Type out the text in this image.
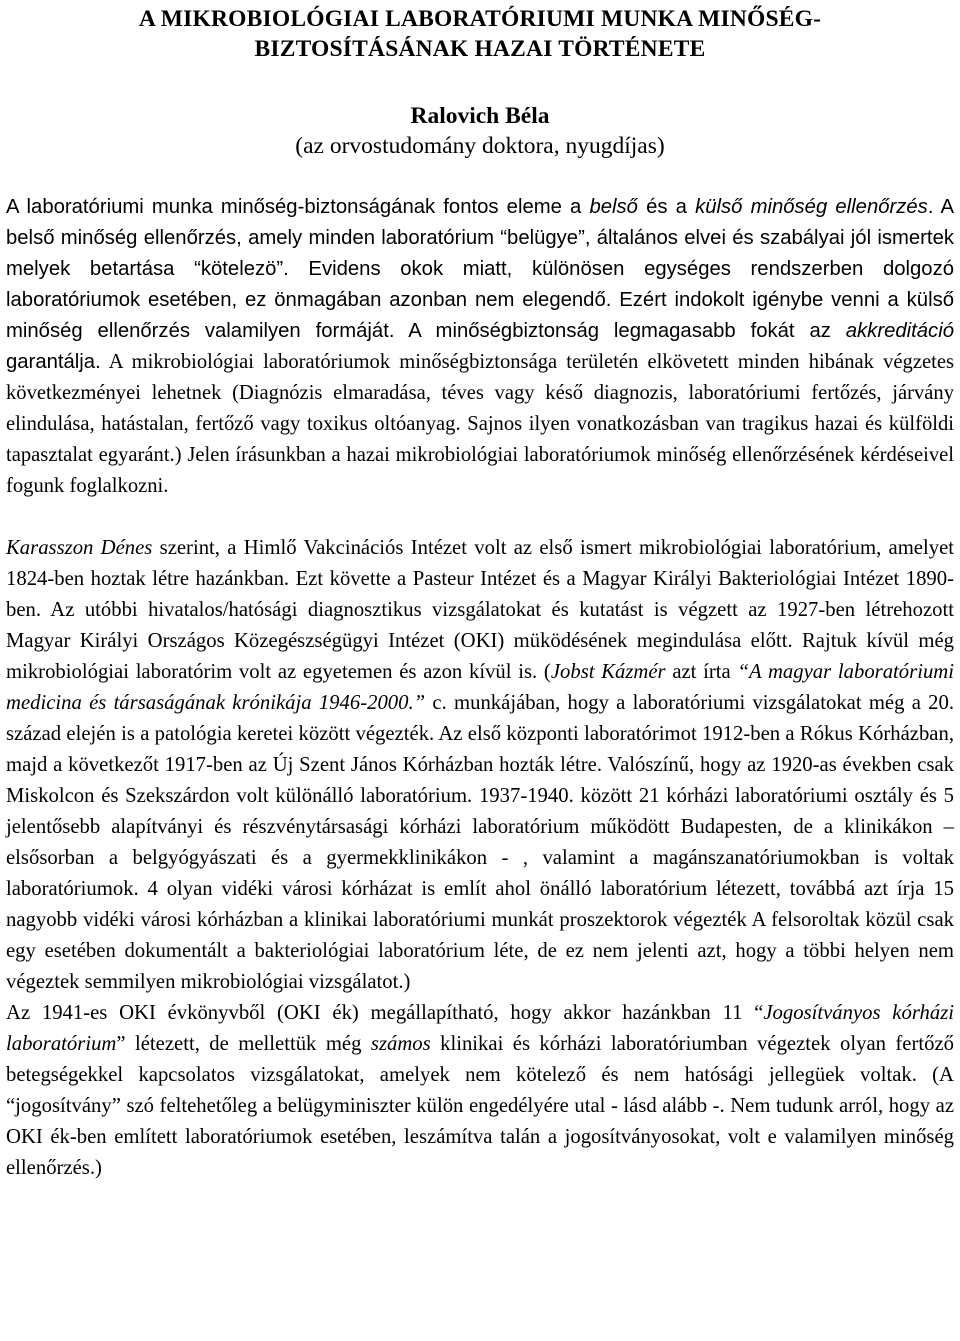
A MIKROBIOLÓGIAI LABORATÓRIUMI MUNKA MINŐSÉG-
BIZTOSÍTÁSÁNAK HAZAI TÖRTÉNETE
Ralovich Béla
(az orvostudomány doktora, nyugdíjas)

A laboratóriumi munka minőség-biztonságának fontos eleme a belső és a külső minőség ellenőrzés. A belső minőség ellenőrzés, amely minden laboratórium “belügye”, általános elvei és szabályai jól ismertek melyek betartása “kötelezö”. Evidens okok miatt, különösen egységes rendszerben dolgozó laboratóriumok esetében, ez önmagában azonban nem elegendő. Ezért indokolt igénybe venni a külső minőség ellenőrzés valamilyen formáját. A minőségbiztonság legmagasabb fokát az akkreditáció garantálja. A mikrobiológiai laboratóriumok minőségbiztonsága területén elkövetett minden hibának végzetes következményei lehetnek (Diagnózis elmaradása, téves vagy késő diagnozis, laboratóriumi fertőzés, járvány elindulása, hatástalan, fertőző vagy toxikus oltóanyag. Sajnos ilyen vonatkozásban van tragikus hazai és külföldi tapasztalat egyaránt.) Jelen írásunkban a hazai mikrobiológiai laboratóriumok minőség ellenőrzésének kérdéseivel fogunk foglalkozni.

Karasszon Dénes szerint, a Himlő Vakcinációs Intézet volt az első ismert mikrobiológiai laboratórium, amelyet 1824-ben hoztak létre hazánkban. Ezt követte a Pasteur Intézet és a Magyar Királyi Bakteriológiai Intézet 1890-ben. Az utóbbi hivatalos/hatósági diagnosztikus vizsgálatokat és kutatást is végzett az 1927-ben létrehozott Magyar Királyi Országos Közegészségügyi Intézet (OKI) müködésének megindulása előtt. Rajtuk kívül még mikrobiológiai laboratórim volt az egyetemen és azon kívül is. (Jobst Kázmér azt írta “A magyar laboratóriumi medicina és társaságának krónikája 1946-2000.” c. munkájában, hogy a laboratóriumi vizsgálatokat még a 20. század elején is a patológia keretei között végezték. Az első központi laboratórimot 1912-ben a Rókus Kórházban, majd a következőt 1917-ben az Új Szent János Kórházban hozták létre. Valószínű, hogy az 1920-as években csak Miskolcon és Szekszárdon volt különálló laboratórium. 1937-1940. között 21 kórházi laboratóriumi osztály és 5 jelentősebb alapítványi és részvénytársasági kórházi laboratórium működött Budapesten, de a klinikákon – elsősorban a belgyógyászati és a gyermekklinikákon - , valamint a magánszanatóriumokban is voltak laboratóriumok. 4 olyan vidéki városi kórházat is említ ahol önálló laboratórium létezett, továbbá azt írja 15 nagyobb vidéki városi kórházban a klinikai laboratóriumi munkát proszektorok végezték A felsoroltak közül csak egy esetében dokumentált a bakteriológiai laboratórium léte, de ez nem jelenti azt, hogy a többi helyen nem végeztek semmilyen mikrobiológiai vizsgálatot.)

Az 1941-es OKI évkönyvből (OKI ék) megállapítható, hogy akkor hazánkban 11 “Jogosítványos kórházi laboratórium” létezett, de mellettük még számos klinikai és kórházi laboratóriumban végeztek olyan fertőző betegségekkel kapcsolatos vizsgálatokat, amelyek nem kötelező és nem hatósági jellegüek voltak. (A “jogosítvány” szó feltehetőleg a belügyminiszter külön engedélyére utal - lásd alább -. Nem tudunk arról, hogy az OKI ék-ben említett laboratóriumok esetében, leszámítva talán a jogosítványosokat, volt e valamilyen minőség ellenőrzés.)
